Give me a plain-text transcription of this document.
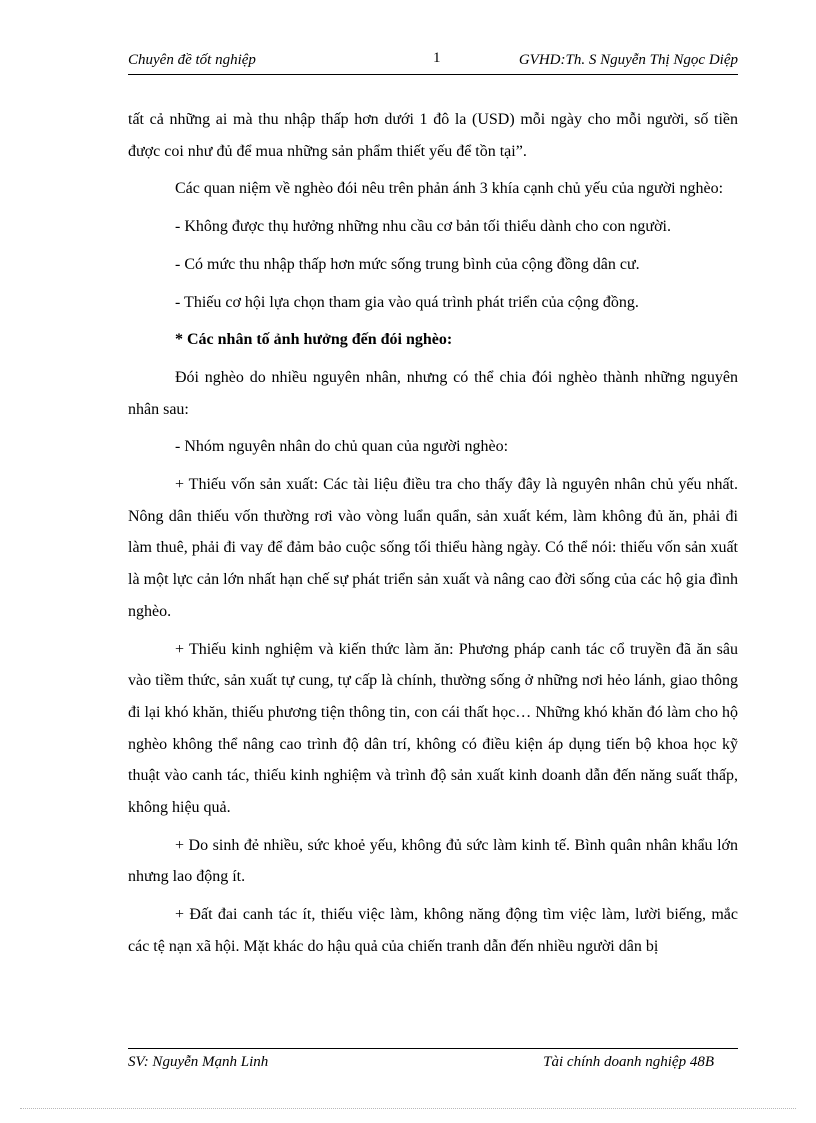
Chuyên đề tốt nghiệp	1	GVHD:Th. S Nguyễn Thị Ngọc Diệp

tất cả những ai mà thu nhập thấp hơn dưới 1 đô la (USD) mỗi ngày cho mỗi người, số tiền được coi như đủ để mua những sản phẩm thiết yếu để tồn tại”.

Các quan niệm về nghèo đói nêu trên phản ánh 3 khía cạnh chủ yếu của người nghèo:

- Không được thụ hưởng những nhu cầu cơ bản tối thiểu dành cho con người.

- Có mức thu nhập thấp hơn mức sống trung bình của cộng đồng dân cư.

- Thiếu cơ hội lựa chọn tham gia vào quá trình phát triển của cộng đồng.

* Các nhân tố ảnh hưởng đến đói nghèo:

Đói nghèo do nhiều nguyên nhân, nhưng có thể chia đói nghèo thành những nguyên nhân sau:

- Nhóm nguyên nhân do chủ quan của người nghèo:

+ Thiếu vốn sản xuất: Các tài liệu điều tra cho thấy đây là nguyên nhân chủ yếu nhất. Nông dân thiếu vốn thường rơi vào vòng luẩn quẩn, sản xuất kém, làm không đủ ăn, phải đi làm thuê, phải đi vay để đảm bảo cuộc sống tối thiểu hàng ngày. Có thể nói: thiếu vốn sản xuất là một lực cản lớn nhất hạn chế sự phát triển sản xuất và nâng cao đời sống của các hộ gia đình nghèo.

+ Thiếu kinh nghiệm và kiến thức làm ăn: Phương pháp canh tác cổ truyền đã ăn sâu vào tiềm thức, sản xuất tự cung, tự cấp là chính, thường sống ở những nơi hẻo lánh, giao thông đi lại khó khăn, thiếu phương tiện thông tin, con cái thất học… Những khó khăn đó làm cho hộ nghèo không thể nâng cao trình độ dân trí, không có điều kiện áp dụng tiến bộ khoa học kỹ thuật vào canh tác, thiếu kinh nghiệm và trình độ sản xuất kinh doanh dẫn đến năng suất thấp, không hiệu quả.

+ Do sinh đẻ nhiều, sức khoẻ yếu, không đủ sức làm kinh tế. Bình quân nhân khẩu lớn nhưng lao động ít.

+ Đất đai canh tác ít, thiếu việc làm, không năng động tìm việc làm, lười biếng, mắc các tệ nạn xã hội. Mặt khác do hậu quả của chiến tranh dẫn đến nhiều người dân bị

SV: Nguyễn Mạnh Linh	Tài chính doanh nghiệp 48B
